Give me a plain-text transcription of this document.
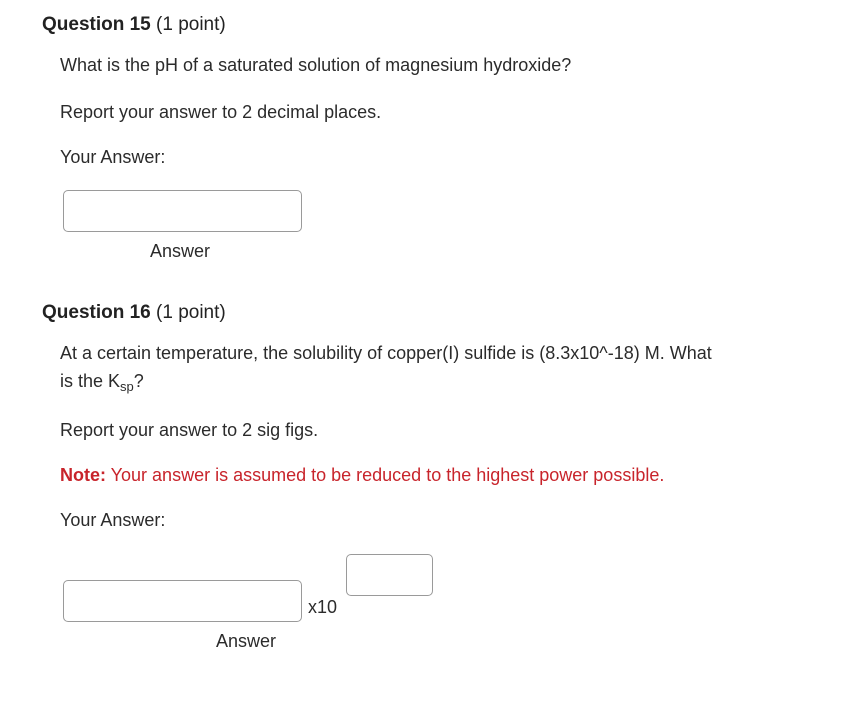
Question 15 (1 point)
What is the pH of a saturated solution of magnesium hydroxide?
Report your answer to 2 decimal places.
Your Answer:
Answer
Question 16 (1 point)
At a certain temperature, the solubility of copper(I) sulfide is (8.3x10^-18) M. What
is the $K_{sp}$?
Report your answer to 2 sig figs.
Note: Your answer is assumed to be reduced to the highest power possible.
Your Answer:
x10
Answer
